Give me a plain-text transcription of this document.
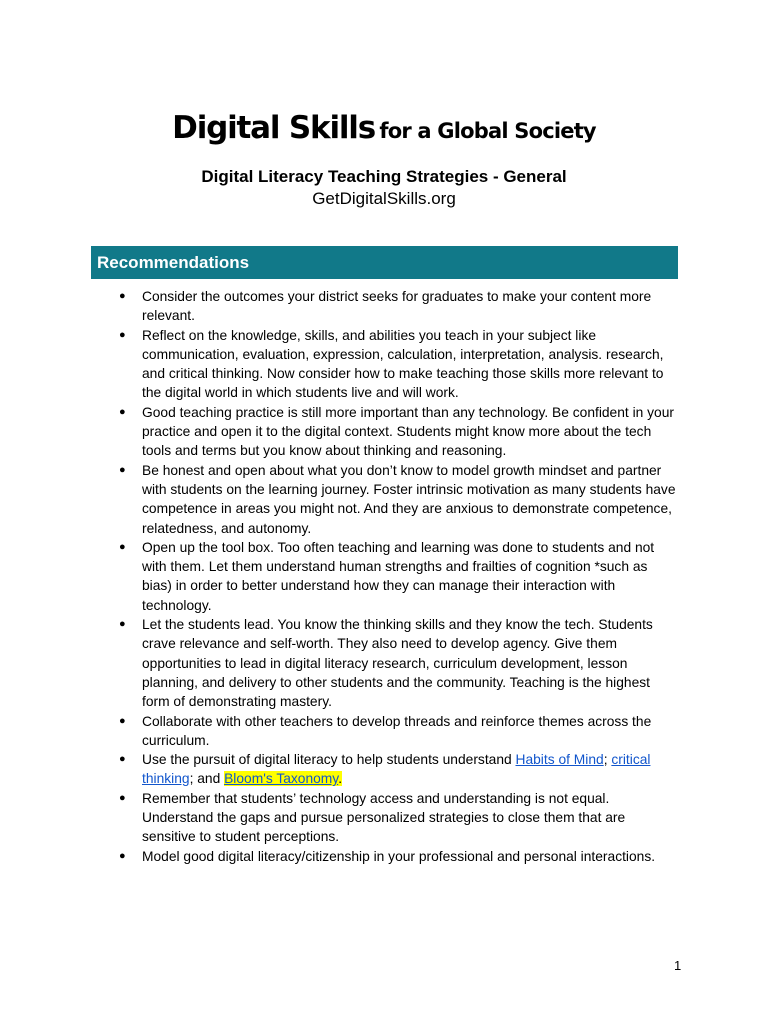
Digital Skills for a Global Society
Digital Literacy Teaching Strategies - General
GetDigitalSkills.org
Recommendations
● Consider the outcomes your district seeks for graduates to make your content more relevant.
● Reflect on the knowledge, skills, and abilities you teach in your subject like communication, evaluation, expression, calculation, interpretation, analysis. research, and critical thinking. Now consider how to make teaching those skills more relevant to the digital world in which students live and will work.
● Good teaching practice is still more important than any technology. Be confident in your practice and open it to the digital context. Students might know more about the tech tools and terms but you know about thinking and reasoning.
● Be honest and open about what you don’t know to model growth mindset and partner with students on the learning journey. Foster intrinsic motivation as many students have competence in areas you might not. And they are anxious to demonstrate competence, relatedness, and autonomy.
● Open up the tool box. Too often teaching and learning was done to students and not with them. Let them understand human strengths and frailties of cognition *such as bias) in order to better understand how they can manage their interaction with technology.
● Let the students lead. You know the thinking skills and they know the tech. Students crave relevance and self-worth. They also need to develop agency. Give them opportunities to lead in digital literacy research, curriculum development, lesson planning, and delivery to other students and the community. Teaching is the highest form of demonstrating mastery.
● Collaborate with other teachers to develop threads and reinforce themes across the curriculum.
● Use the pursuit of digital literacy to help students understand Habits of Mind; critical thinking; and Bloom's Taxonomy.
● Remember that students’ technology access and understanding is not equal. Understand the gaps and pursue personalized strategies to close them that are sensitive to student perceptions.
● Model good digital literacy/citizenship in your professional and personal interactions.
1
